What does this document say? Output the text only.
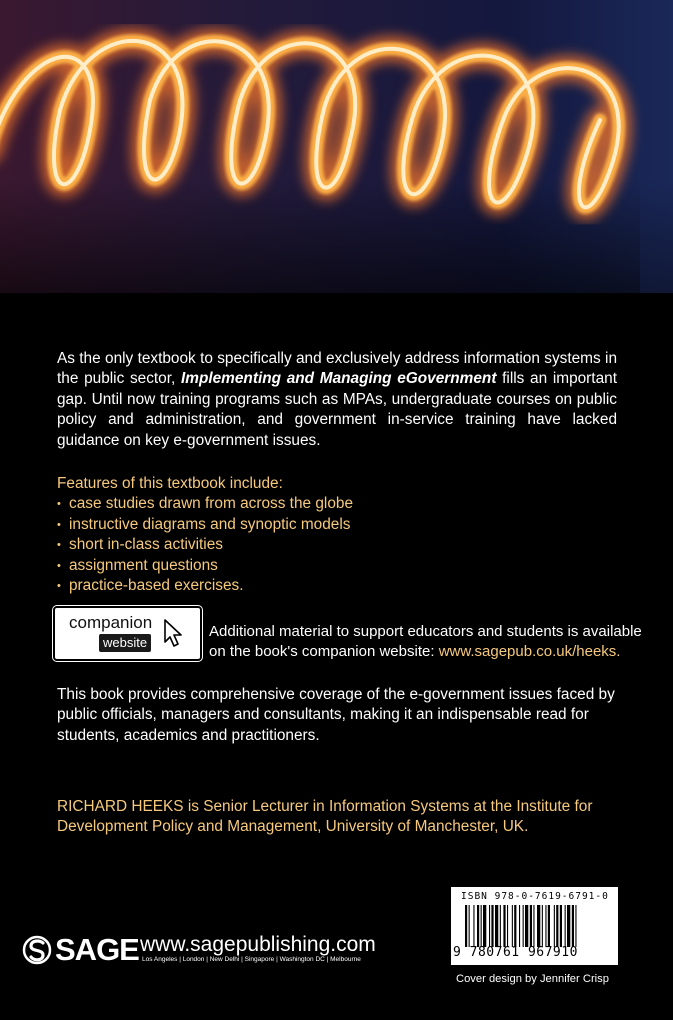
As the only textbook to specifically and exclusively address information systems in the public sector, Implementing and Managing eGovernment fills an important gap. Until now training programs such as MPAs, undergraduate courses on public policy and administration, and government in-service training have lacked guidance on key e-government issues.
Features of this textbook include:
• case studies drawn from across the globe
• instructive diagrams and synoptic models
• short in-class activities
• assignment questions
• practice-based exercises.
companion
website
Additional material to support educators and students is available on the book's companion website: www.sagepub.co.uk/heeks.
This book provides comprehensive coverage of the e-government issues faced by public officials, managers and consultants, making it an indispensable read for students, academics and practitioners.
RICHARD HEEKS is Senior Lecturer in Information Systems at the Institute for Development Policy and Management, University of Manchester, UK.
SAGE www.sagepublishing.com
Los Angeles | London | New Delhi | Singapore | Washington DC | Melbourne
ISBN 978-0-7619-6791-0
9 780761 967910
Cover design by Jennifer Crisp
